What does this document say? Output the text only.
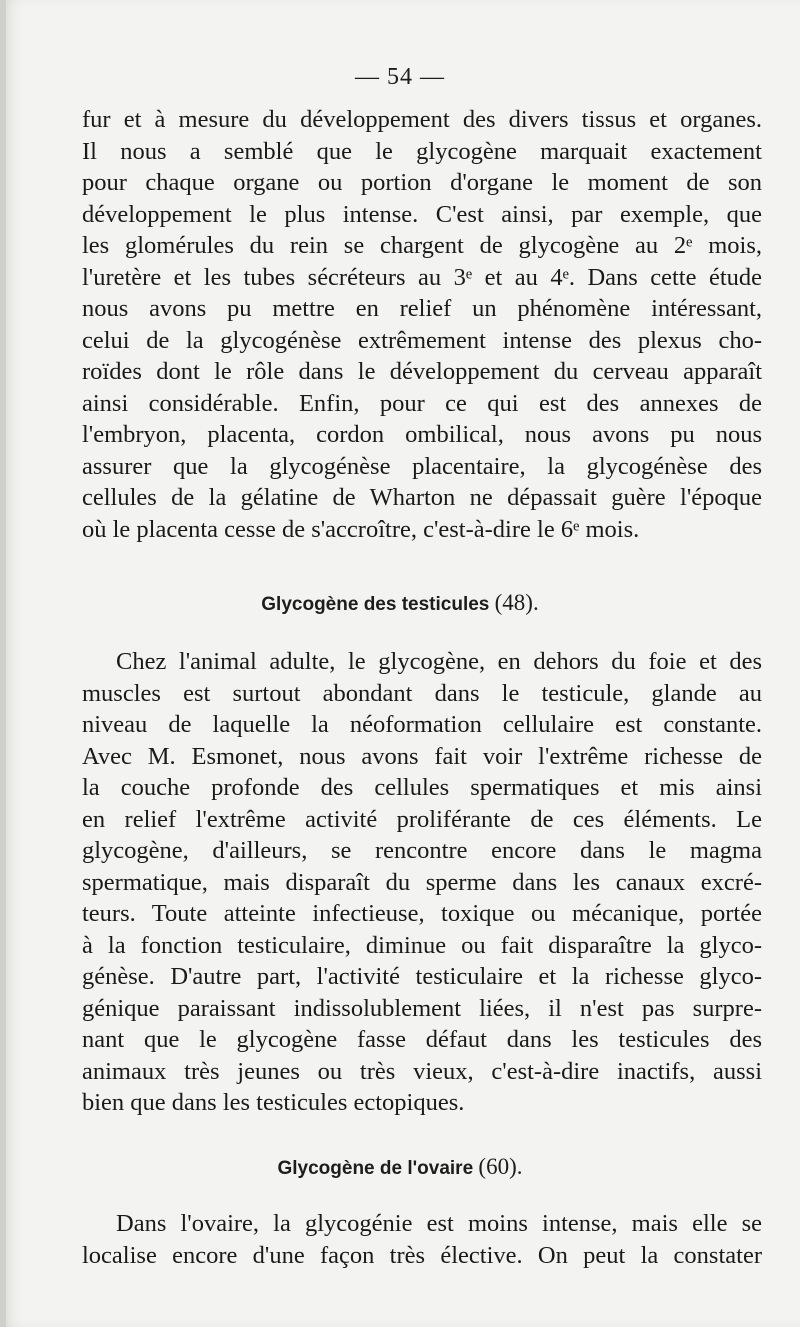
— 54 —
fur et à mesure du développement des divers tissus et organes.
Il nous a semblé que le glycogène marquait exactement
pour chaque organe ou portion d'organe le moment de son
développement le plus intense. C'est ainsi, par exemple, que
les glomérules du rein se chargent de glycogène au 2ᵉ mois,
l'uretère et les tubes sécréteurs au 3ᵉ et au 4ᵉ. Dans cette étude
nous avons pu mettre en relief un phénomène intéressant,
celui de la glycogénèse extrêmement intense des plexus cho-
roïdes dont le rôle dans le développement du cerveau apparaît
ainsi considérable. Enfin, pour ce qui est des annexes de
l'embryon, placenta, cordon ombilical, nous avons pu nous
assurer que la glycogénèse placentaire, la glycogénèse des
cellules de la gélatine de Wharton ne dépassait guère l'époque
où le placenta cesse de s'accroître, c'est-à-dire le 6ᵉ mois.
Glycogène des testicules (48).
Chez l'animal adulte, le glycogène, en dehors du foie et des
muscles est surtout abondant dans le testicule, glande au
niveau de laquelle la néoformation cellulaire est constante.
Avec M. Esmonet, nous avons fait voir l'extrême richesse de
la couche profonde des cellules spermatiques et mis ainsi
en relief l'extrême activité proliférante de ces éléments. Le
glycogène, d'ailleurs, se rencontre encore dans le magma
spermatique, mais disparaît du sperme dans les canaux excré-
teurs. Toute atteinte infectieuse, toxique ou mécanique, portée
à la fonction testiculaire, diminue ou fait disparaître la glyco-
génèse. D'autre part, l'activité testiculaire et la richesse glyco-
génique paraissant indissolublement liées, il n'est pas surpre-
nant que le glycogène fasse défaut dans les testicules des
animaux très jeunes ou très vieux, c'est-à-dire inactifs, aussi
bien que dans les testicules ectopiques.
Glycogène de l'ovaire (60).
Dans l'ovaire, la glycogénie est moins intense, mais elle se
localise encore d'une façon très élective. On peut la constater
